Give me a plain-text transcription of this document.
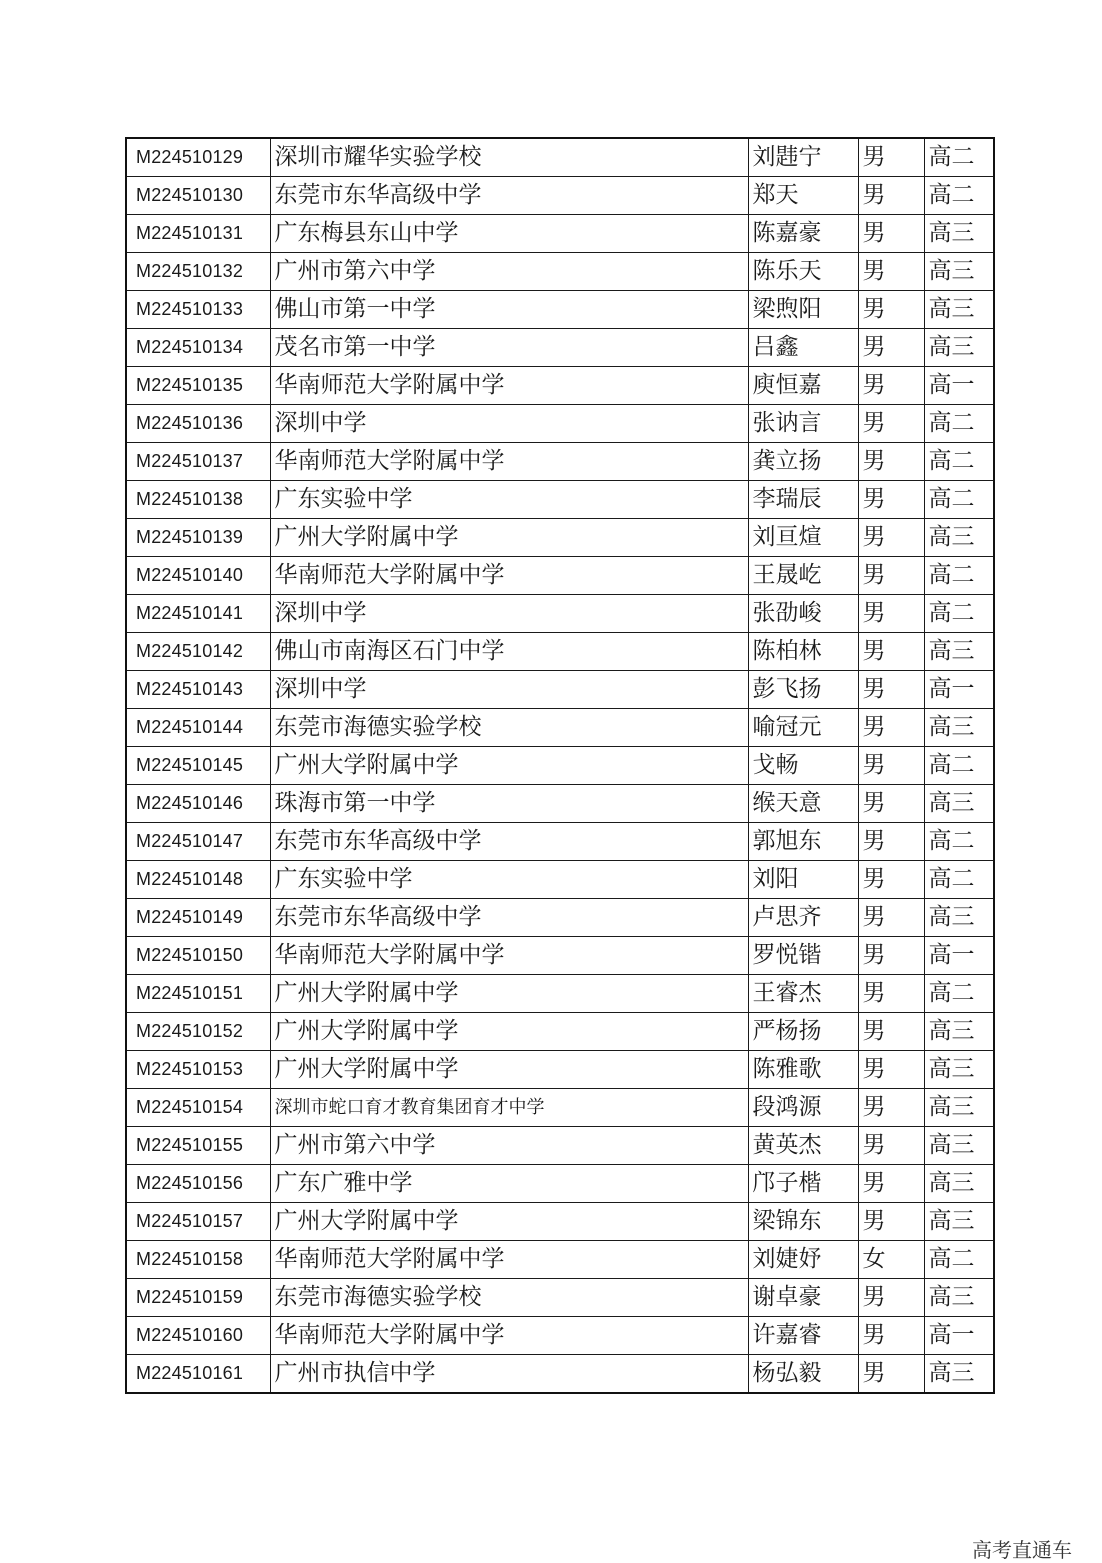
M224510129	深圳市耀华实验学校	刘韪宁	男	高二
M224510130	东莞市东华高级中学	郑天	男	高二
M224510131	广东梅县东山中学	陈嘉豪	男	高三
M224510132	广州市第六中学	陈乐天	男	高三
M224510133	佛山市第一中学	梁煦阳	男	高三
M224510134	茂名市第一中学	吕鑫	男	高三
M224510135	华南师范大学附属中学	庾恒嘉	男	高一
M224510136	深圳中学	张讷言	男	高二
M224510137	华南师范大学附属中学	龚立扬	男	高二
M224510138	广东实验中学	李瑞辰	男	高二
M224510139	广州大学附属中学	刘亘煊	男	高三
M224510140	华南师范大学附属中学	王晟屹	男	高二
M224510141	深圳中学	张劭峻	男	高二
M224510142	佛山市南海区石门中学	陈柏林	男	高三
M224510143	深圳中学	彭飞扬	男	高一
M224510144	东莞市海德实验学校	喻冠元	男	高三
M224510145	广州大学附属中学	戈畅	男	高二
M224510146	珠海市第一中学	缑天意	男	高三
M224510147	东莞市东华高级中学	郭旭东	男	高二
M224510148	广东实验中学	刘阳	男	高二
M224510149	东莞市东华高级中学	卢思齐	男	高三
M224510150	华南师范大学附属中学	罗悦锴	男	高一
M224510151	广州大学附属中学	王睿杰	男	高二
M224510152	广州大学附属中学	严杨扬	男	高三
M224510153	广州大学附属中学	陈雅歌	男	高三
M224510154	深圳市蛇口育才教育集团育才中学	段鸿源	男	高三
M224510155	广州市第六中学	黄英杰	男	高三
M224510156	广东广雅中学	邝子楷	男	高三
M224510157	广州大学附属中学	梁锦东	男	高三
M224510158	华南师范大学附属中学	刘婕妤	女	高二
M224510159	东莞市海德实验学校	谢卓豪	男	高三
M224510160	华南师范大学附属中学	许嘉睿	男	高一
M224510161	广州市执信中学	杨弘毅	男	高三
高考直通车
